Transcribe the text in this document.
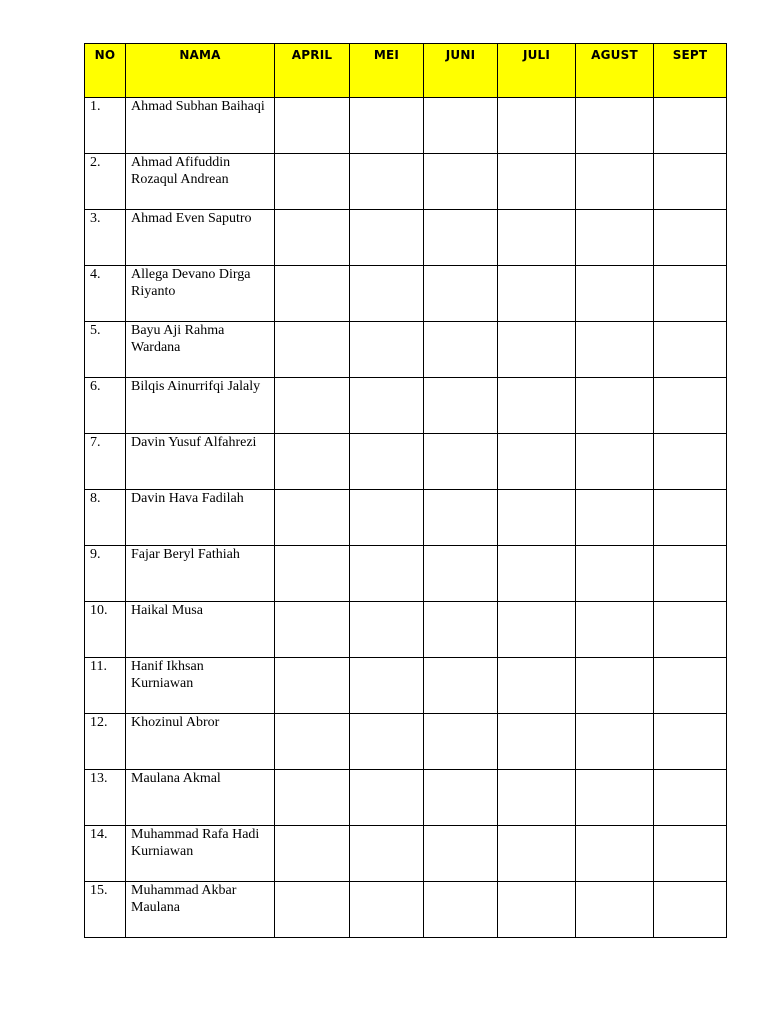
NO	NAMA	APRIL	MEI	JUNI	JULI	AGUST	SEPT

1.	Ahmad Subhan Baihaqi						

2.	Ahmad Afifuddin Rozaqul Andrean						

3.	Ahmad Even Saputro						

4.	Allega Devano Dirga Riyanto						

5.	Bayu Aji Rahma Wardana						

6.	Bilqis Ainurrifqi Jalaly						

7.	Davin Yusuf Alfahrezi						

8.	Davin Hava Fadilah						

9.	Fajar Beryl Fathiah						

10.	Haikal Musa						

11.	Hanif Ikhsan Kurniawan						

12.	Khozinul Abror						

13.	Maulana Akmal						

14.	Muhammad Rafa Hadi Kurniawan						

15.	Muhammad Akbar Maulana						
